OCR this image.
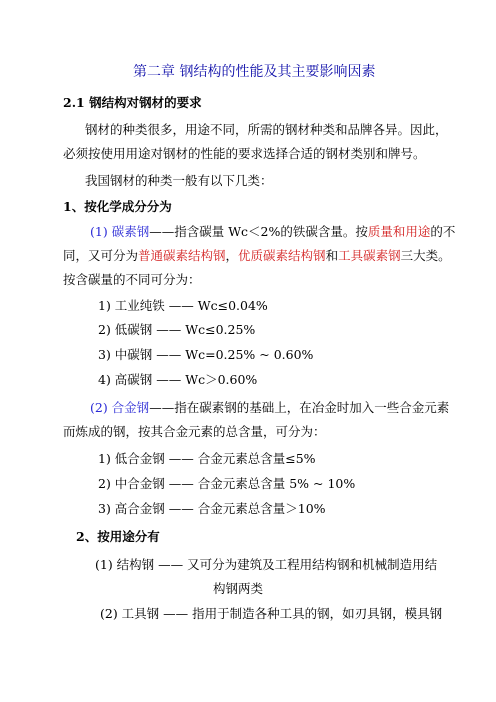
第二章 钢结构的性能及其主要影响因素
2.1 钢结构对钢材的要求
钢材的种类很多，用途不同，所需的钢材种类和品牌各异。因此，
必须按使用用途对钢材的性能的要求选择合适的钢材类别和牌号。
我国钢材的种类一般有以下几类：
1、按化学成分分为
(1) 碳素钢——指含碳量 Wc＜2%的铁碳含量。按质量和用途的不
同，又可分为普通碳素结构钢，优质碳素结构钢和工具碳素钢三大类。
按含碳量的不同可分为：
1) 工业纯铁 —— Wc≤0.04%
2) 低碳钢 —— Wc≤0.25%
3) 中碳钢 —— Wc=0.25% ~ 0.60%
4) 高碳钢 —— Wc＞0.60%
(2) 合金钢——指在碳素钢的基础上，在冶金时加入一些合金元素
而炼成的钢，按其合金元素的总含量，可分为：
1) 低合金钢 —— 合金元素总含量≤5%
2) 中合金钢 —— 合金元素总含量 5% ~ 10%
3) 高合金钢 —— 合金元素总含量＞10%
2、按用途分有
(1) 结构钢 —— 又可分为建筑及工程用结构钢和机械制造用结
构钢两类
(2) 工具钢 —— 指用于制造各种工具的钢，如刃具钢，模具钢
